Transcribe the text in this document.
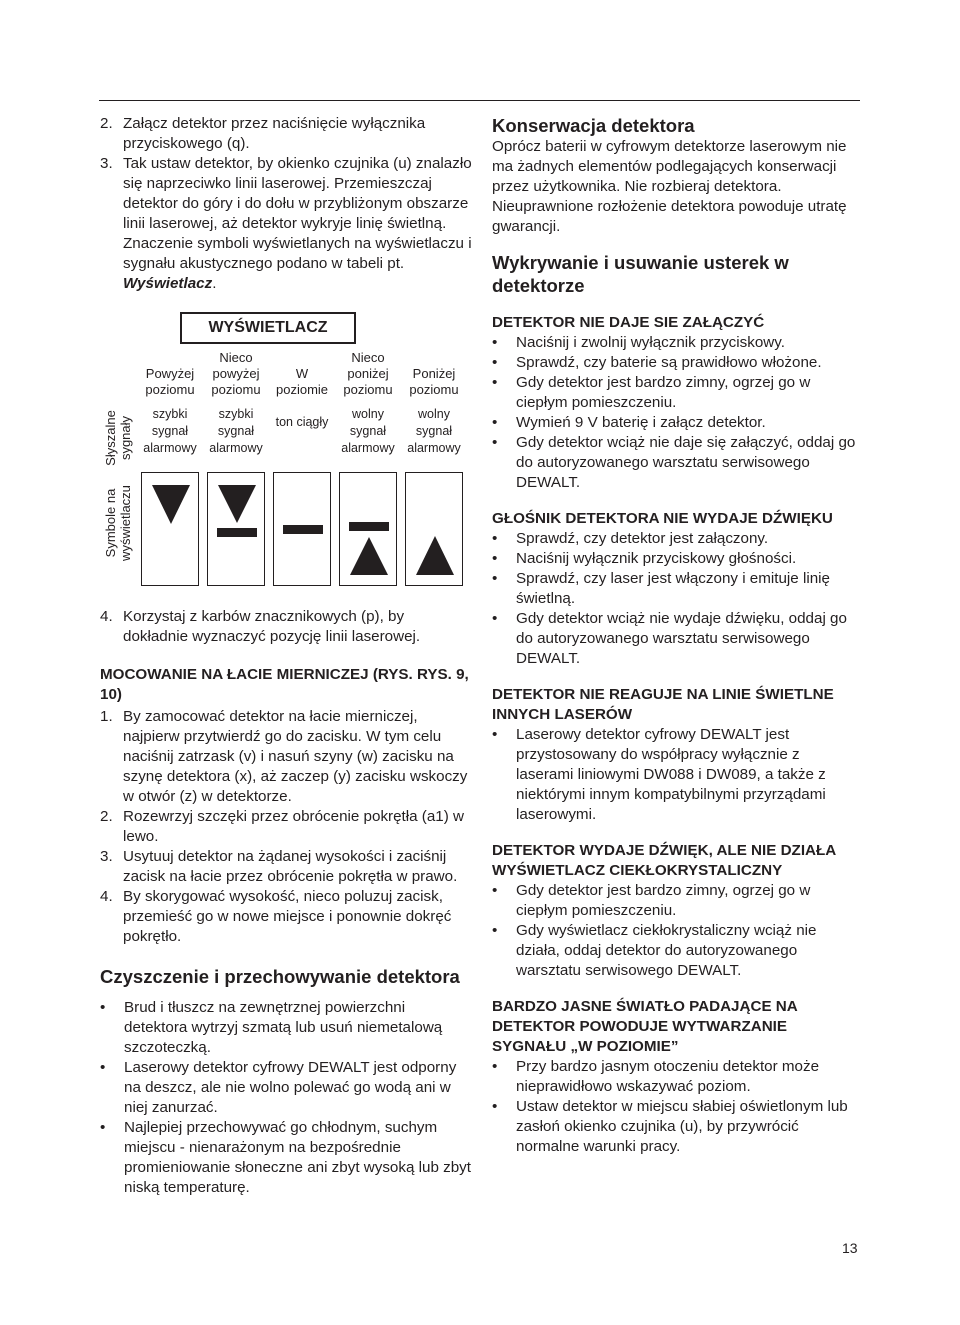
2. Załącz detektor przez naciśnięcie wyłącznika przyciskowego (q).
3. Tak ustaw detektor, by okienko czujnika (u) znalazło się naprzeciwko linii laserowej. Przemieszczaj detektor do góry i do dołu w przybliżonym obszarze linii laserowej, aż detektor wykryje linię świetlną. Znaczenie symboli wyświetlanych na wyświetlaczu i sygnału akustycznego podano w tabeli pt. Wyświetlacz.
WYŚWIETLACZ
Słyszalne sygnały
Symbole na wyświetlaczu
Powyżej poziomu
Nieco powyżej poziomu
W poziomie
Nieco poniżej poziomu
Poniżej poziomu
szybki sygnał alarmowy
szybki sygnał alarmowy
ton ciągły
wolny sygnał alarmowy
wolny sygnał alarmowy
4. Korzystaj z karbów znacznikowych (p), by dokładnie wyznaczyć pozycję linii laserowej.
MOCOWANIE NA ŁACIE MIERNICZEJ (RYS. RYS. 9, 10)
1. By zamocować detektor na łacie mierniczej, najpierw przytwierdź go do zacisku. W tym celu naciśnij zatrzask (v) i nasuń szyny (w) zacisku na szynę detektora (x), aż zaczep (y) zacisku wskoczy w otwór (z) w detektorze.
2. Rozewrzyj szczęki przez obrócenie pokrętła (a1) w lewo.
3. Usytuuj detektor na żądanej wysokości i zaciśnij zacisk na łacie przez obrócenie pokrętła w prawo.
4. By skorygować wysokość, nieco poluzuj zacisk, przemieść go w nowe miejsce i ponownie dokręć pokrętło.
Czyszczenie i przechowywanie detektora
• Brud i tłuszcz na zewnętrznej powierzchni detektora wytrzyj szmatą lub usuń niemetalową szczoteczką.
• Laserowy detektor cyfrowy DEWALT jest odporny na deszcz, ale nie wolno polewać go wodą ani w niej zanurzać.
• Najlepiej przechowywać go chłodnym, suchym miejscu - nienarażonym na bezpośrednie promieniowanie słoneczne ani zbyt wysoką lub zbyt niską temperaturę.
Konserwacja detektora
Oprócz baterii w cyfrowym detektorze laserowym nie ma żadnych elementów podlegających konserwacji przez użytkownika. Nie rozbieraj detektora. Nieuprawnione rozłożenie detektora powoduje utratę gwarancji.
Wykrywanie i usuwanie usterek w detektorze
DETEKTOR NIE DAJE SIE ZAŁĄCZYĆ
• Naciśnij i zwolnij wyłącznik przyciskowy.
• Sprawdź, czy baterie są prawidłowo włożone.
• Gdy detektor jest bardzo zimny, ogrzej go w ciepłym pomieszczeniu.
• Wymień 9 V baterię i załącz detektor.
• Gdy detektor wciąż nie daje się załączyć, oddaj go do autoryzowanego warsztatu serwisowego DEWALT.
GŁOŚNIK DETEKTORA NIE WYDAJE DŹWIĘKU
• Sprawdź, czy detektor jest załączony.
• Naciśnij wyłącznik przyciskowy głośności.
• Sprawdź, czy laser jest włączony i emituje linię świetlną.
• Gdy detektor wciąż nie wydaje dźwięku, oddaj go do autoryzowanego warsztatu serwisowego DEWALT.
DETEKTOR NIE REAGUJE NA LINIE ŚWIETLNE INNYCH LASERÓW
• Laserowy detektor cyfrowy DEWALT jest przystosowany do współpracy wyłącznie z laserami liniowymi DW088 i DW089, a także z niektórymi innym kompatybilnymi przyrządami laserowymi.
DETEKTOR WYDAJE DŹWIĘK, ALE NIE DZIAŁA WYŚWIETLACZ CIEKŁOKRYSTALICZNY
• Gdy detektor jest bardzo zimny, ogrzej go w ciepłym pomieszczeniu.
• Gdy wyświetlacz ciekłokrystaliczny wciąż nie działa, oddaj detektor do autoryzowanego warsztatu serwisowego DEWALT.
BARDZO JASNE ŚWIATŁO PADAJĄCE NA DETEKTOR POWODUJE WYTWARZANIE SYGNAŁU „W POZIOMIE”
• Przy bardzo jasnym otoczeniu detektor może nieprawidłowo wskazywać poziom.
• Ustaw detektor w miejscu słabiej oświetlonym lub zasłoń okienko czujnika (u), by przywrócić normalne warunki pracy.
13
